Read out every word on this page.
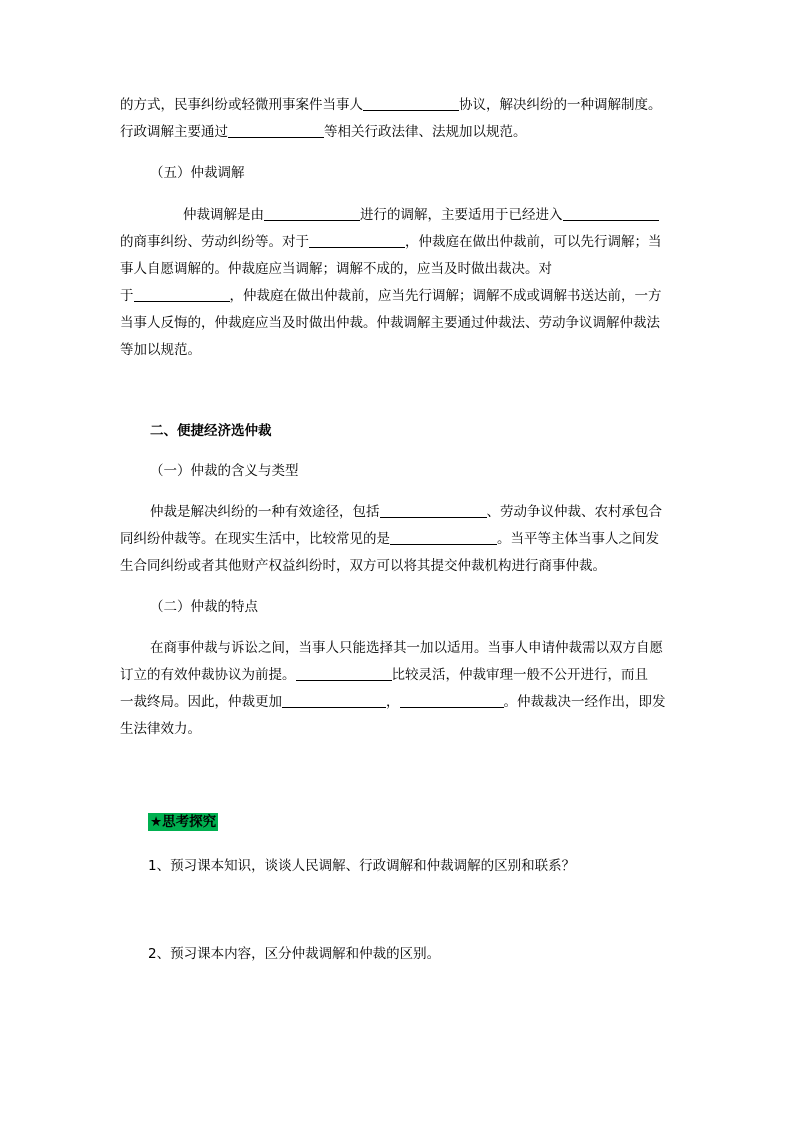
的方式，民事纠纷或轻微刑事案件当事人	协议，解决纠纷的一种调解制度。
行政调解主要通过	等相关行政法律、法规加以规范。
（五）仲裁调解
仲裁调解是由	进行的调解，主要适用于已经进入
的商事纠纷、劳动纠纷等。对于	，仲裁庭在做出仲裁前，可以先行调解；当
事人自愿调解的。仲裁庭应当调解；调解不成的，应当及时做出裁决。对
于	，仲裁庭在做出仲裁前，应当先行调解；调解不成或调解书送达前，一方
当事人反悔的，仲裁庭应当及时做出仲裁。仲裁调解主要通过仲裁法、劳动争议调解仲裁法
等加以规范。
二、便捷经济选仲裁
（一）仲裁的含义与类型
仲裁是解决纠纷的一种有效途径，包括	、劳动争议仲裁、农村承包合
同纠纷仲裁等。在现实生活中，比较常见的是	。当平等主体当事人之间发
生合同纠纷或者其他财产权益纠纷时，双方可以将其提交仲裁机构进行商事仲裁。
（二）仲裁的特点
在商事仲裁与诉讼之间，当事人只能选择其一加以适用。当事人申请仲裁需以双方自愿
订立的有效仲裁协议为前提。	比较灵活，仲裁审理一般不公开进行，而且
一裁终局。因此，仲裁更加	，	。仲裁裁决一经作出，即发
生法律效力。
★思考探究
1、预习课本知识，谈谈人民调解、行政调解和仲裁调解的区别和联系？
2、预习课本内容，区分仲裁调解和仲裁的区别。
